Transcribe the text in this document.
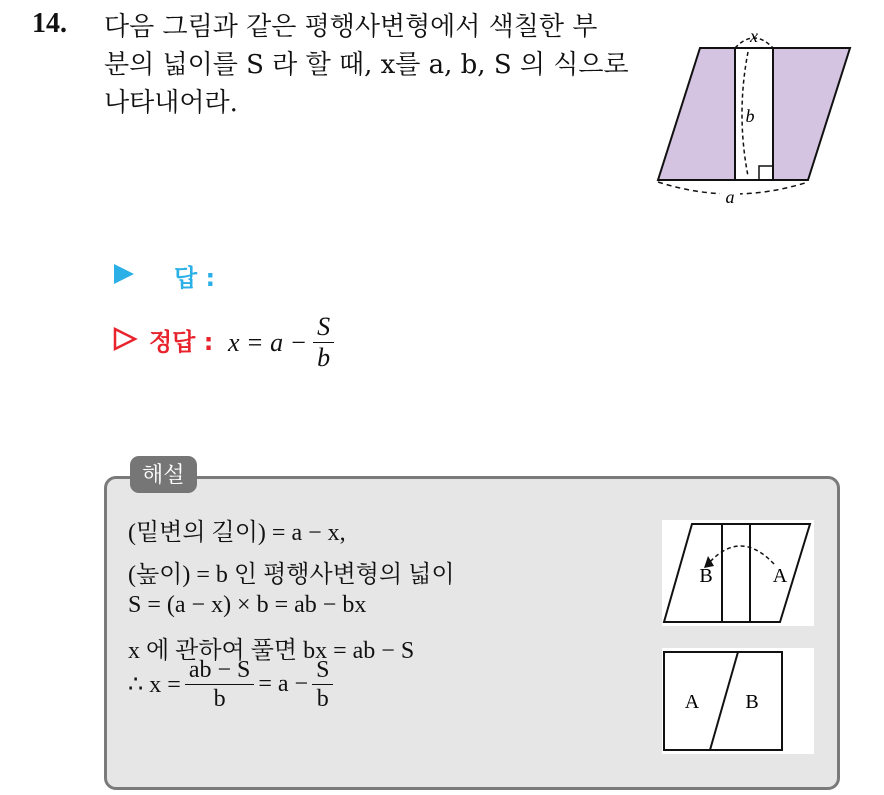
14. 다음 그림과 같은 평행사변형에서 색칠한 부
분의 넓이를 S 라 할 때, x를 a, b, S 의 식으로
나타내어라.
x
b
a
답 :
정답 : $x = a - \frac{S}{b}$
해설
(밑변의 길이) = a − x,
(높이) = b 인 평행사변형의 넓이
S = (a − x) × b = ab − bx
x 에 관하여 풀면 bx = ab − S
∴ $x = \frac{ab - S}{b} = a - \frac{S}{b}$
B	A
A B
